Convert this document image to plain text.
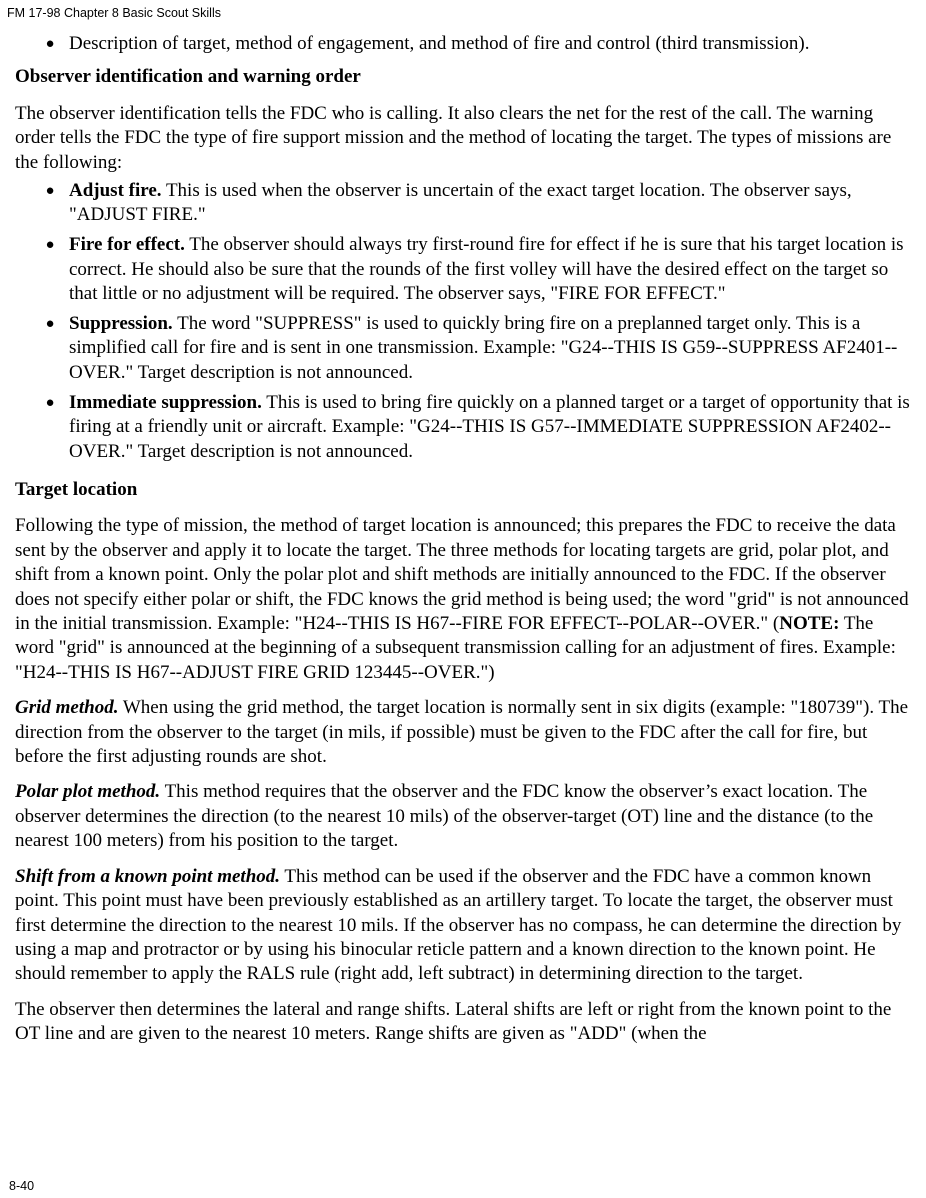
FM 17-98 Chapter 8 Basic Scout Skills
● Description of target, method of engagement, and method of fire and control (third transmission).
Observer identification and warning order

The observer identification tells the FDC who is calling. It also clears the net for the rest of the call. The warning order tells the FDC the type of fire support mission and the method of locating the target. The types of missions are the following:

● Adjust fire. This is used when the observer is uncertain of the exact target location. The observer says, "ADJUST FIRE."
● Fire for effect. The observer should always try first-round fire for effect if he is sure that his target location is correct. He should also be sure that the rounds of the first volley will have the desired effect on the target so that little or no adjustment will be required. The observer says, "FIRE FOR EFFECT."
● Suppression. The word "SUPPRESS" is used to quickly bring fire on a preplanned target only. This is a simplified call for fire and is sent in one transmission. Example: "G24--THIS IS G59--SUPPRESS AF2401--OVER." Target description is not announced.
● Immediate suppression. This is used to bring fire quickly on a planned target or a target of opportunity that is firing at a friendly unit or aircraft. Example: "G24--THIS IS G57--IMMEDIATE SUPPRESSION AF2402--OVER." Target description is not announced.
Target location

Following the type of mission, the method of target location is announced; this prepares the FDC to receive the data sent by the observer and apply it to locate the target. The three methods for locating targets are grid, polar plot, and shift from a known point. Only the polar plot and shift methods are initially announced to the FDC. If the observer does not specify either polar or shift, the FDC knows the grid method is being used; the word "grid" is not announced in the initial transmission. Example: "H24--THIS IS H67--FIRE FOR EFFECT--POLAR--OVER." (NOTE: The word "grid" is announced at the beginning of a subsequent transmission calling for an adjustment of fires. Example: "H24--THIS IS H67--ADJUST FIRE GRID 123445--OVER.")

Grid method. When using the grid method, the target location is normally sent in six digits (example: "180739"). The direction from the observer to the target (in mils, if possible) must be given to the FDC after the call for fire, but before the first adjusting rounds are shot.

Polar plot method. This method requires that the observer and the FDC know the observer’s exact location. The observer determines the direction (to the nearest 10 mils) of the observer-target (OT) line and the distance (to the nearest 100 meters) from his position to the target.

Shift from a known point method. This method can be used if the observer and the FDC have a common known point. This point must have been previously established as an artillery target. To locate the target, the observer must first determine the direction to the nearest 10 mils. If the observer has no compass, he can determine the direction by using a map and protractor or by using his binocular reticle pattern and a known direction to the known point. He should remember to apply the RALS rule (right add, left subtract) in determining direction to the target.

The observer then determines the lateral and range shifts. Lateral shifts are left or right from the known point to the OT line and are given to the nearest 10 meters. Range shifts are given as "ADD" (when the

8-40
